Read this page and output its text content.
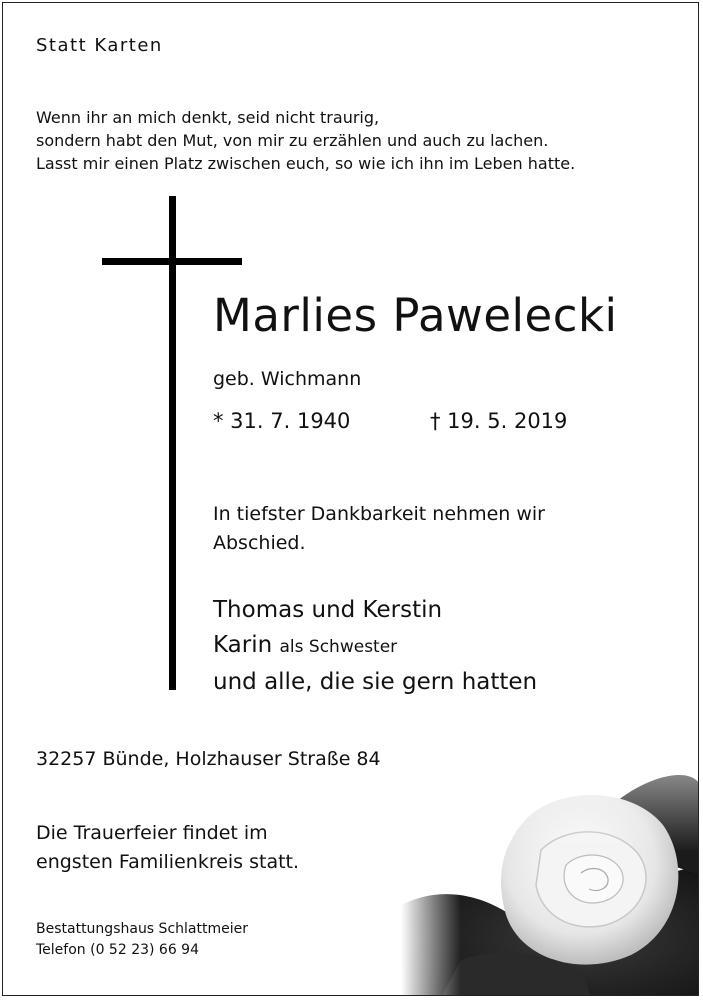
Statt Karten
Wenn ihr an mich denkt, seid nicht traurig,
sondern habt den Mut, von mir zu erzählen und auch zu lachen.
Lasst mir einen Platz zwischen euch, so wie ich ihn im Leben hatte.
Marlies Pawelecki
geb. Wichmann
* 31. 7. 1940	† 19. 5. 2019
In tiefster Dankbarkeit nehmen wir
Abschied.
Thomas und Kerstin
Karin als Schwester
und alle, die sie gern hatten
32257 Bünde, Holzhauser Straße 84
Die Trauerfeier findet im
engsten Familienkreis statt.
Bestattungshaus Schlattmeier
Telefon (0 52 23) 66 94
